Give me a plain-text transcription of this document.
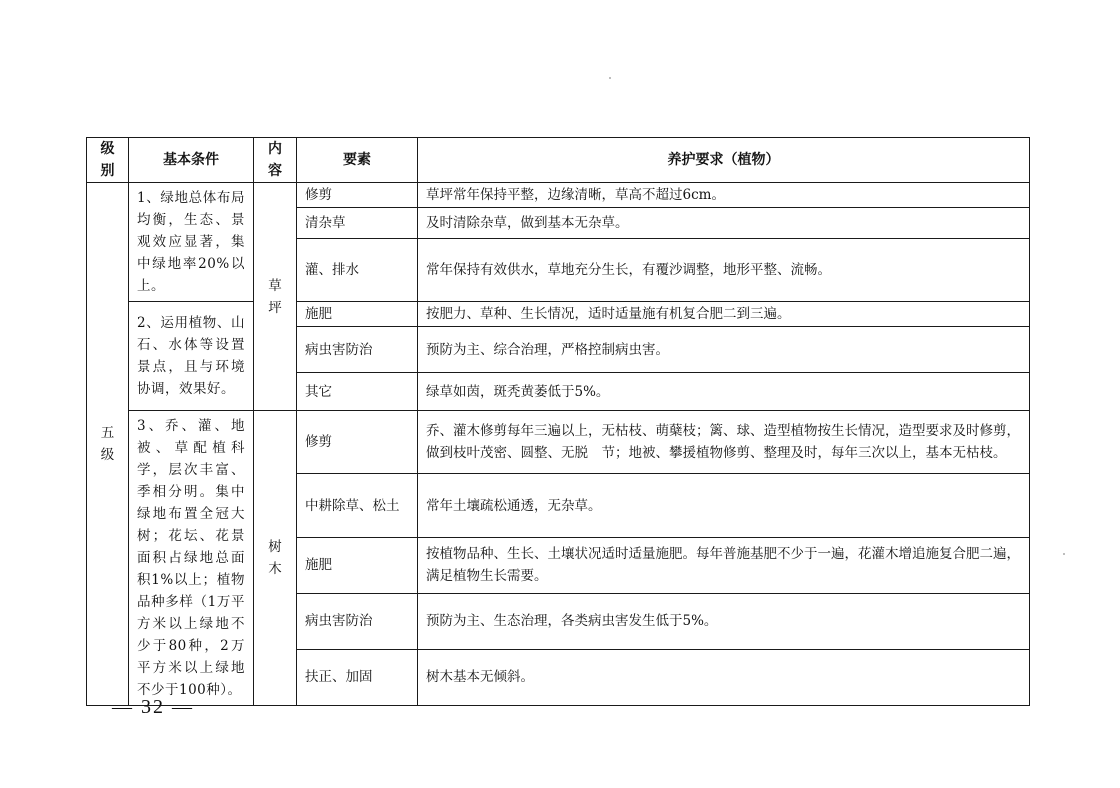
级别	基本条件	内容	要素	养护要求（植物）
五级	1、绿地总体布局均衡，生态、景观效应显著，集中绿地率20%以上。	草坪	修剪	草坪常年保持平整，边缘清晰，草高不超过6cm。
			清杂草	及时清除杂草，做到基本无杂草。
			灌、排水	常年保持有效供水，草地充分生长，有覆沙调整，地形平整、流畅。
	2、运用植物、山石、水体等设置景点，且与环境协调，效果好。		施肥	按肥力、草种、生长情况，适时适量施有机复合肥二到三遍。
			病虫害防治	预防为主、综合治理，严格控制病虫害。
			其它	绿草如茵，斑秃黄萎低于5%。
	3、乔、灌、地被、草配植科学，层次丰富、季相分明。集中绿地布置全冠大树；花坛、花景面积占绿地总面积1%以上；植物品种多样（1万平方米以上绿地不少于80种，2万平方米以上绿地不少于100种）。	树木	修剪	乔、灌木修剪每年三遍以上，无枯枝、萌蘖枝；篱、球、造型植物按生长情况，造型要求及时修剪，做到枝叶茂密、圆整、无脱　节；地被、攀援植物修剪、整理及时，每年三次以上，基本无枯枝。
			中耕除草、松土	常年土壤疏松通透，无杂草。
			施肥	按植物品种、生长、土壤状况适时适量施肥。每年普施基肥不少于一遍，花灌木增追施复合肥二遍，满足植物生长需要。
			病虫害防治	预防为主、生态治理，各类病虫害发生低于5%。
			扶正、加固	树木基本无倾斜。
— 32 —
